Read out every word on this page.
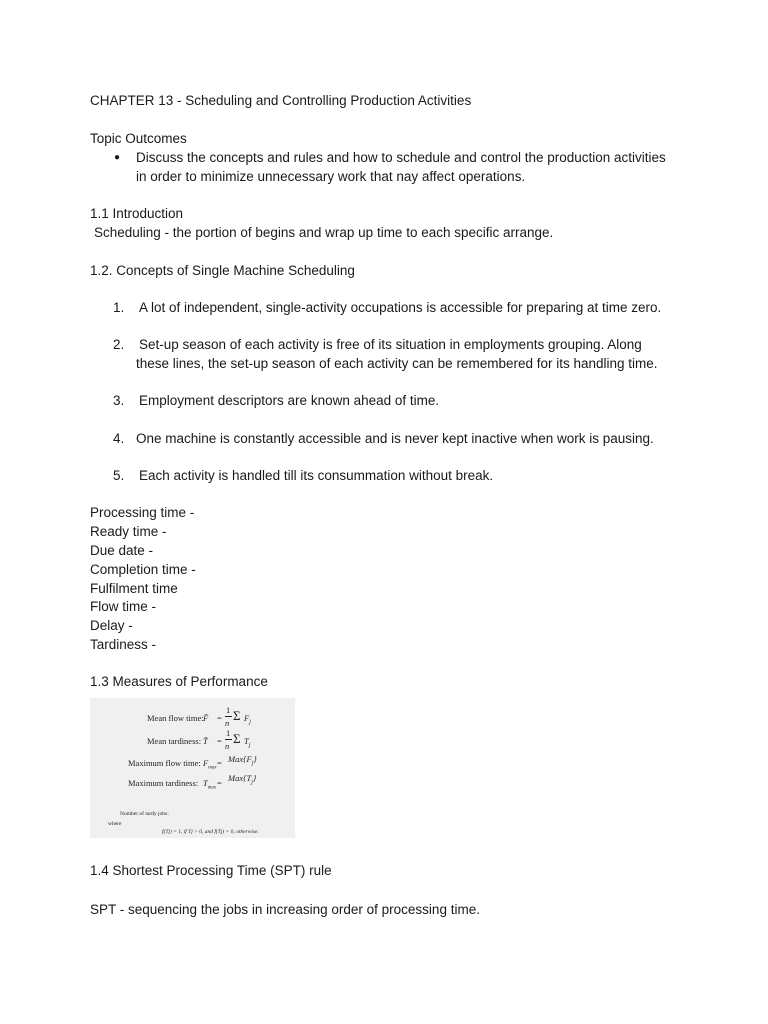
CHAPTER 13 - Scheduling and Controlling Production Activities
Topic Outcomes
● Discuss the concepts and rules and how to schedule and control the production activities
in order to minimize unnecessary work that nay affect operations.
1.1 Introduction
Scheduling - the portion of begins and wrap up time to each specific arrange.
1.2. Concepts of Single Machine Scheduling
1. A lot of independent, single-activity occupations is accessible for preparing at time zero.
2. Set-up season of each activity is free of its situation in employments grouping. Along
these lines, the set-up season of each activity can be remembered for its handling time.
3. Employment descriptors are known ahead of time.
4. One machine is constantly accessible and is never kept inactive when work is pausing.
5. Each activity is handled till its consummation without break.
Processing time -
Ready time -
Due date -
Completion time -
Fulfilment time
Flow time -
Delay -
Tardiness -
1.3 Measures of Performance
Mean flow time: F̄ =
1
n Σ $F_j$
Mean tardiness: T̄ =
1
n Σ $T_j$
Maximum flow time: $F_{max}$
= $Max\{F_j\}$
Maximum tardiness: $T_{max}$
= $Max\{T_j\}$
Number of tardy jobs:
where
f(Tj) = 1, if Tj > 0, and f(Tj) = 0, otherwise.
1.4 Shortest Processing Time (SPT) rule
SPT - sequencing the jobs in increasing order of processing time.
